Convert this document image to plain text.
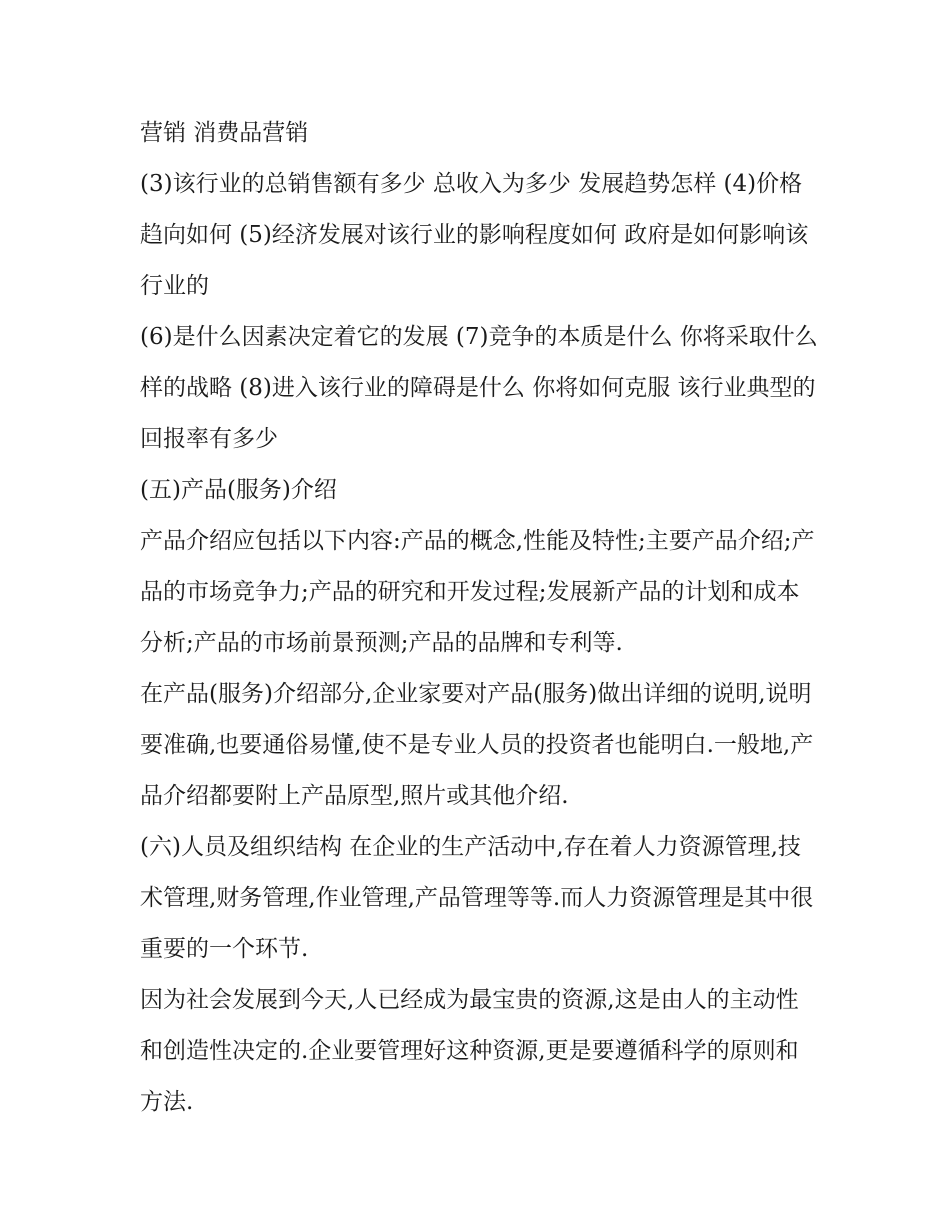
营销 消费品营销

(3)该行业的总销售额有多少 总收入为多少 发展趋势怎样 (4)价格趋向如何 (5)经济发展对该行业的影响程度如何 政府是如何影响该行业的

(6)是什么因素决定着它的发展 (7)竞争的本质是什么 你将采取什么样的战略 (8)进入该行业的障碍是什么 你将如何克服 该行业典型的回报率有多少

(五)产品(服务)介绍

产品介绍应包括以下内容:产品的概念,性能及特性;主要产品介绍;产品的市场竞争力;产品的研究和开发过程;发展新产品的计划和成本分析;产品的市场前景预测;产品的品牌和专利等.

在产品(服务)介绍部分,企业家要对产品(服务)做出详细的说明,说明要准确,也要通俗易懂,使不是专业人员的投资者也能明白.一般地,产品介绍都要附上产品原型,照片或其他介绍.

(六)人员及组织结构 在企业的生产活动中,存在着人力资源管理,技术管理,财务管理,作业管理,产品管理等等.而人力资源管理是其中很重要的一个环节.

因为社会发展到今天,人已经成为最宝贵的资源,这是由人的主动性和创造性决定的.企业要管理好这种资源,更是要遵循科学的原则和方法.
